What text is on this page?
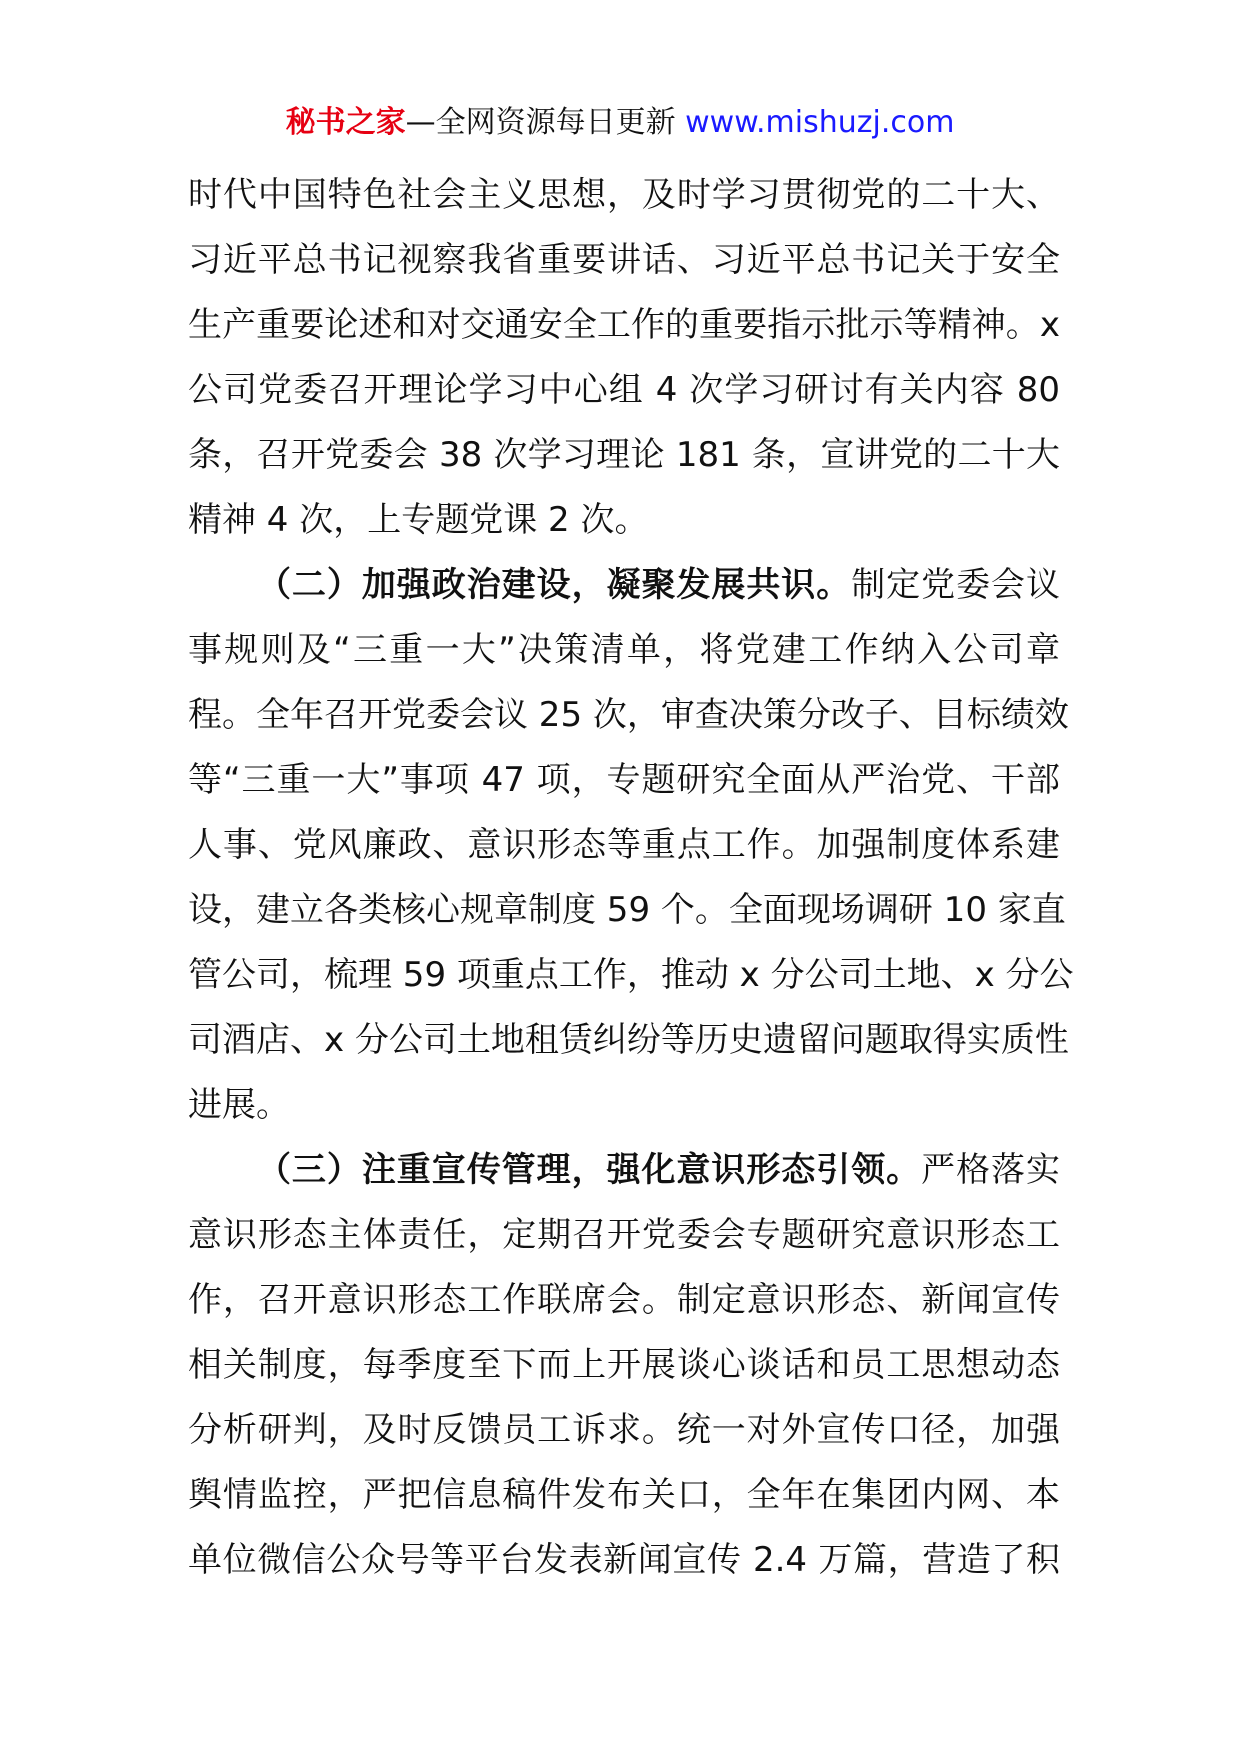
秘书之家—全网资源每日更新 www.mishuzj.com
时代中国特色社会主义思想，及时学习贯彻党的二十大、
习近平总书记视察我省重要讲话、习近平总书记关于安全
生产重要论述和对交通安全工作的重要指示批示等精神。x
公司党委召开理论学习中心组 4 次学习研讨有关内容 80
条，召开党委会 38 次学习理论 181 条，宣讲党的二十大
精神 4 次，上专题党课 2 次。
（二）加强政治建设，凝聚发展共识。制定党委会议
事规则及“三重一大”决策清单，将党建工作纳入公司章
程。全年召开党委会议 25 次，审查决策分改子、目标绩效
等“三重一大”事项 47 项，专题研究全面从严治党、干部
人事、党风廉政、意识形态等重点工作。加强制度体系建
设，建立各类核心规章制度 59 个。全面现场调研 10 家直
管公司，梳理 59 项重点工作，推动 x 分公司土地、x 分公
司酒店、x 分公司土地租赁纠纷等历史遗留问题取得实质性
进展。
（三）注重宣传管理，强化意识形态引领。严格落实
意识形态主体责任，定期召开党委会专题研究意识形态工
作，召开意识形态工作联席会。制定意识形态、新闻宣传
相关制度，每季度至下而上开展谈心谈话和员工思想动态
分析研判，及时反馈员工诉求。统一对外宣传口径，加强
舆情监控，严把信息稿件发布关口，全年在集团内网、本
单位微信公众号等平台发表新闻宣传 2.4 万篇，营造了积
